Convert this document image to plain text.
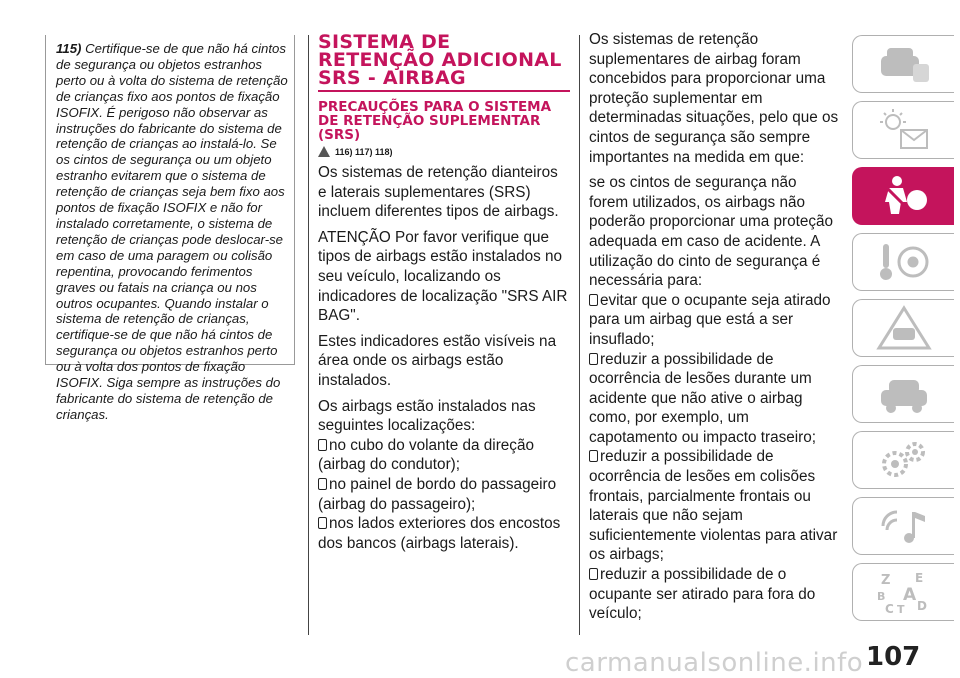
115) Certifique-se de que não há cintos de segurança ou objetos estranhos perto ou à volta do sistema de retenção de crianças fixo aos pontos de fixação ISOFIX. É perigoso não observar as instruções do fabricante do sistema de retenção de crianças ao instalá-lo. Se os cintos de segurança ou um objeto estranho evitarem que o sistema de retenção de crianças seja bem fixo aos pontos de fixação ISOFIX e não for instalado corretamente, o sistema de retenção de crianças pode deslocar-se em caso de uma paragem ou colisão repentina, provocando ferimentos graves ou fatais na criança ou nos outros ocupantes. Quando instalar o sistema de retenção de crianças, certifique-se de que não há cintos de segurança ou objetos estranhos perto ou à volta dos pontos de fixação ISOFIX. Siga sempre as instruções do fabricante do sistema de retenção de crianças.

SISTEMA DE RETENÇÃO ADICIONAL SRS - AIRBAG
PRECAUÇÕES PARA O SISTEMA DE RETENÇÃO SUPLEMENTAR (SRS)
116) 117) 118)

Os sistemas de retenção dianteiros e laterais suplementares (SRS) incluem diferentes tipos de airbags.

ATENÇÃO Por favor verifique que tipos de airbags estão instalados no seu veículo, localizando os indicadores de localização "SRS AIR BAG".

Estes indicadores estão visíveis na área onde os airbags estão instalados.

Os airbags estão instalados nas seguintes localizações:

no cubo do volante da direção (airbag do condutor);
no painel de bordo do passageiro (airbag do passageiro);
nos lados exteriores dos encostos dos bancos (airbags laterais).

Os sistemas de retenção suplementares de airbag foram concebidos para proporcionar uma proteção suplementar em determinadas situações, pelo que os cintos de segurança são sempre importantes na medida em que:

se os cintos de segurança não forem utilizados, os airbags não poderão proporcionar uma proteção adequada em caso de acidente. A utilização do cinto de segurança é necessária para:

evitar que o ocupante seja atirado para um airbag que está a ser insuflado;
reduzir a possibilidade de ocorrência de lesões durante um acidente que não ative o airbag como, por exemplo, um capotamento ou impacto traseiro;
reduzir a possibilidade de ocorrência de lesões em colisões frontais, parcialmente frontais ou laterais que não sejam suficientemente violentas para ativar os airbags;
reduzir a possibilidade de o ocupante ser atirado para fora do veículo;
Z E
A
B
C T D
carmanualsonline.info 107
